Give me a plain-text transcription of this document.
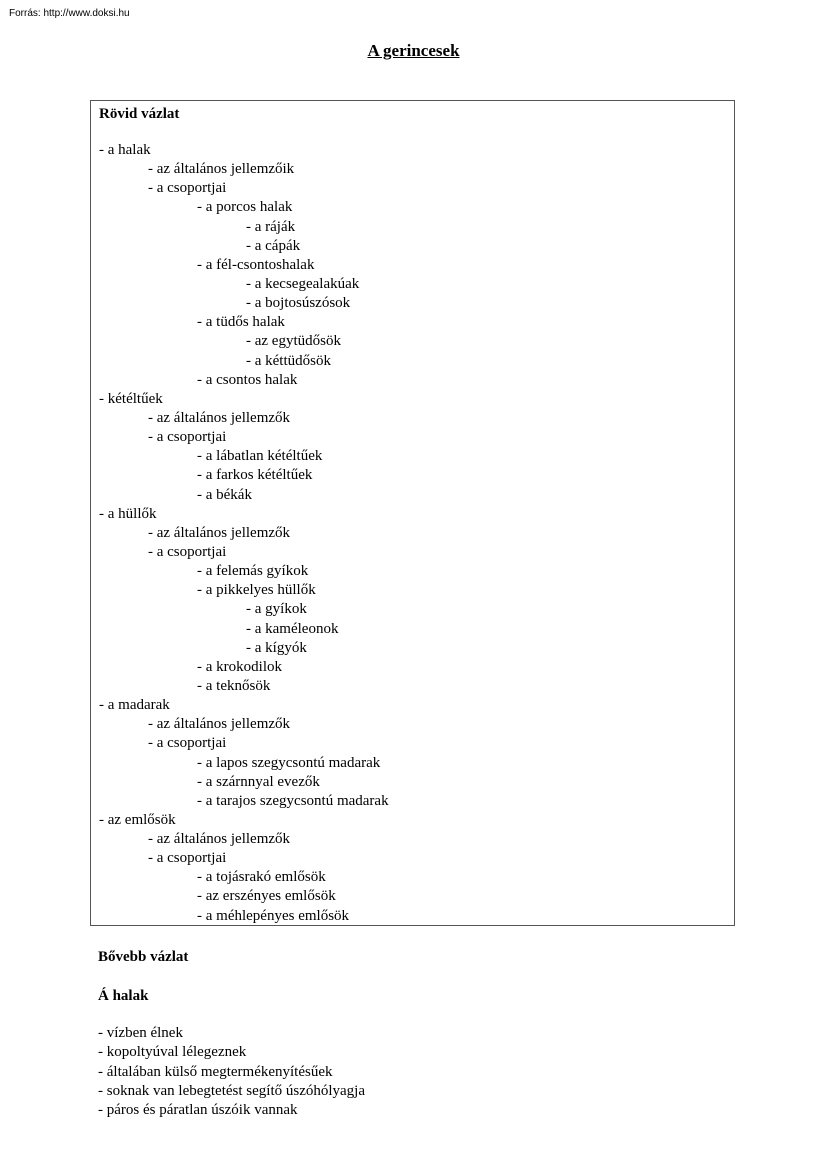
Forrás: http://www.doksi.hu
A gerincesek
Rövid vázlat
- a halak
- az általános jellemzőik
- a csoportjai
- a porcos halak
- a ráják
- a cápák
- a fél-csontoshalak
- a kecsegealakúak
- a bojtosúszósok
- a tüdős halak
- az egytüdősök
- a kéttüdősök
- a csontos halak
- kétéltűek
- az általános jellemzők
- a csoportjai
- a lábatlan kétéltűek
- a farkos kétéltűek
- a békák
- a hüllők
- az általános jellemzők
- a csoportjai
- a felemás gyíkok
- a pikkelyes hüllők
- a gyíkok
- a kaméleonok
- a kígyók
- a krokodilok
- a teknősök
- a madarak
- az általános jellemzők
- a csoportjai
- a lapos szegycsontú madarak
- a szárnnyal evezők
- a tarajos szegycsontú madarak
- az emlősök
- az általános jellemzők
- a csoportjai
- a tojásrakó emlősök
- az erszényes emlősök
- a méhlepényes emlősök
Bővebb vázlat
Á halak
- vízben élnek
- kopoltyúval lélegeznek
- általában külső megtermékenyítésűek
- soknak van lebegtetést segítő úszóhólyagja
- páros és páratlan úszóik vannak
